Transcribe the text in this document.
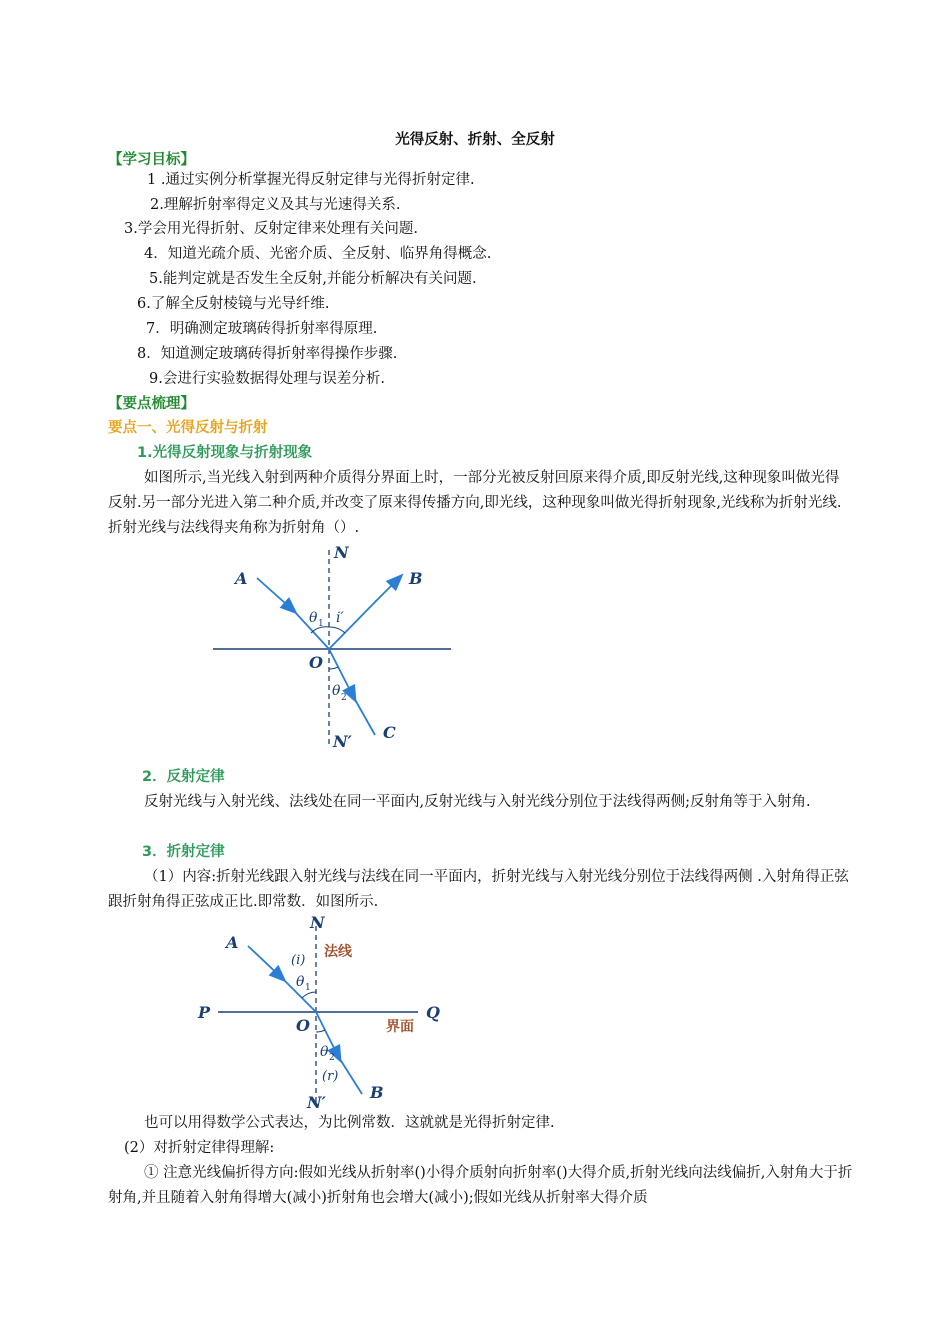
光得反射、折射、全反射
【学习目标】
1 .通过实例分析掌握光得反射定律与光得折射定律.
2.理解折射率得定义及其与光速得关系.
3.学会用光得折射、反射定律来处理有关问题.
4．知道光疏介质、光密介质、全反射、临界角得概念.
5.能判定就是否发生全反射,并能分析解决有关问题.
6.了解全反射棱镜与光导纤维.
7．明确测定玻璃砖得折射率得原理.
8．知道测定玻璃砖得折射率得操作步骤.
9.会进行实验数据得处理与误差分析.
【要点梳理】
要点一、光得反射与折射
1.光得反射现象与折射现象
如图所示,当光线入射到两种介质得分界面上时，一部分光被反射回原来得介质,即反射光线,这种现象叫做光得反射.另一部分光进入第二种介质,并改变了原来得传播方向,即光线，这种现象叫做光得折射现象,光线称为折射光线.折射光线与法线得夹角称为折射角（）.
N
A	B
O
C
N′
θ 1 i′
θ 2
2．反射定律
反射光线与入射光线、法线处在同一平面内,反射光线与入射光线分别位于法线得两侧;反射角等于入射角.
3．折射定律
（1）内容:折射光线跟入射光线与法线在同一平面内，折射光线与入射光线分别位于法线得两侧 .入射角得正弦跟折射角得正弦成正比.即常数．如图所示.
N
法线
A
(i)
θ 1
P
O	界面
Q
θ 2
(r)
B
N′
也可以用得数学公式表达，为比例常数．这就就是光得折射定律.
(2）对折射定律得理解:
① 注意光线偏折得方向:假如光线从折射率()小得介质射向折射率()大得介质,折射光线向法线偏折,入射角大于折射角,并且随着入射角得增大(减小)折射角也会增大(减小);假如光线从折射率大得介质
